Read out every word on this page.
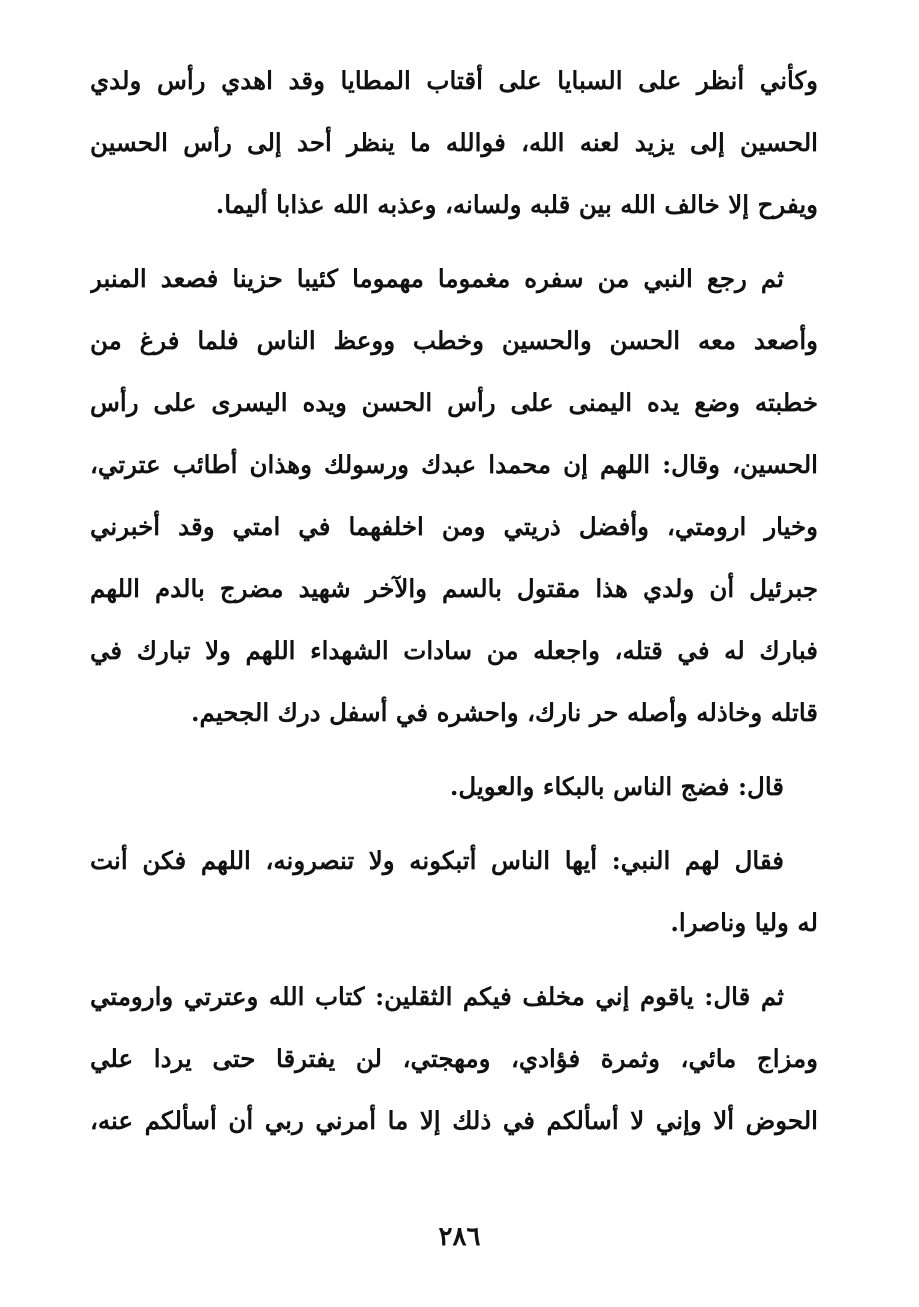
وكأني أنظر على السبايا على أقتاب المطايا وقد اهدي رأس ولدي
الحسين إلى يزيد لعنه الله، فوالله ما ينظر أحد إلى رأس الحسين
ويفرح إلا خالف الله بين قلبه ولسانه، وعذبه الله عذابا أليما.
ثم رجع النبي من سفره مغموما مهموما كئيبا حزينا فصعد المنبر
وأصعد معه الحسن والحسين وخطب ووعظ الناس فلما فرغ من
خطبته وضع يده اليمنى على رأس الحسن ويده اليسرى على رأس
الحسين، وقال: اللهم إن محمدا عبدك ورسولك وهذان أطائب عترتي،
وخيار ارومتي، وأفضل ذريتي ومن اخلفهما في امتي وقد أخبرني
جبرئيل أن ولدي هذا مقتول بالسم والآخر شهيد مضرج بالدم اللهم
فبارك له في قتله، واجعله من سادات الشهداء اللهم ولا تبارك في
قاتله وخاذله وأصله حر نارك، واحشره في أسفل درك الجحيم.
قال: فضج الناس بالبكاء والعويل.
فقال لهم النبي: أيها الناس أتبكونه ولا تنصرونه، اللهم فكن أنت
له وليا وناصرا.
ثم قال: ياقوم إني مخلف فيكم الثقلين: كتاب الله وعترتي وارومتي
ومزاج مائي، وثمرة فؤادي، ومهجتي، لن يفترقا حتى يردا علي
الحوض ألا وإني لا أسألكم في ذلك إلا ما أمرني ربي أن أسألكم عنه،
٢٨٦
